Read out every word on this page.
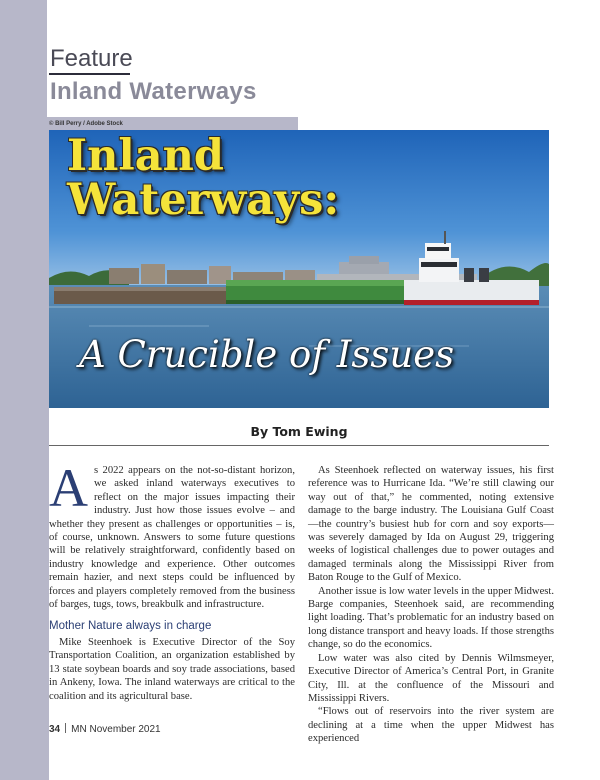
Feature
Inland Waterways
© Bill Perry / Adobe Stock
Inland
Waterways:
A Crucible of Issues
By Tom Ewing

As 2022 appears on the not-so-distant horizon, we asked inland waterways executives to reflect on the major issues impacting their industry. Just how those issues evolve – and whether they present as challenges or opportunities – is, of course, unknown. Answers to some future questions will be relatively straightforward, confidently based on industry knowledge and experience. Other outcomes remain hazier, and next steps could be influenced by forces and players completely removed from the business of barges, tugs, tows, breakbulk and infrastructure.

Mother Nature always in charge

Mike Steenhoek is Executive Director of the Soy Transportation Coalition, an organization established by 13 state soybean boards and soy trade associations, based in Ankeny, Iowa. The inland waterways are critical to the coalition and its agricultural base.

As Steenhoek reflected on waterway issues, his first reference was to Hurricane Ida. “We’re still clawing our way out of that,” he commented, noting extensive damage to the barge industry. The Louisiana Gulf Coast—the country’s busiest hub for corn and soy exports—was severely damaged by Ida on August 29, triggering weeks of logistical challenges due to power outages and damaged terminals along the Mississippi River from Baton Rouge to the Gulf of Mexico.

Another issue is low water levels in the upper Midwest. Barge companies, Steenhoek said, are recommending light loading. That’s problematic for an industry based on long distance transport and heavy loads. If those strengths change, so do the economics.

Low water was also cited by Dennis Wilmsmeyer, Executive Director of America’s Central Port, in Granite City, Ill. at the confluence of the Missouri and Mississippi Rivers.

“Flows out of reservoirs into the river system are declining at a time when the upper Midwest has experienced

34 MN November 2021
